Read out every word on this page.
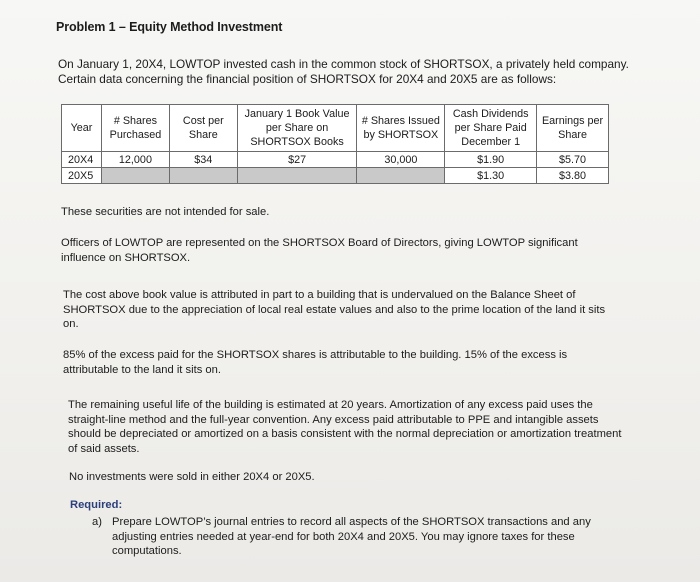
Problem 1 – Equity Method Investment
On January 1, 20X4, LOWTOP invested cash in the common stock of SHORTSOX, a privately held company. Certain data concerning the financial position of SHORTSOX for 20X4 and 20X5 are as follows:
Year	# Shares Purchased	Cost per Share	January 1 Book Value per Share on SHORTSOX Books	# Shares Issued by SHORTSOX	Cash Dividends per Share Paid December 1	Earnings per Share
20X4	12,000	$34	$27	30,000	$1.90	$5.70
20X5					$1.30	$3.80
These securities are not intended for sale.
Officers of LOWTOP are represented on the SHORTSOX Board of Directors, giving LOWTOP significant influence on SHORTSOX.
The cost above book value is attributed in part to a building that is undervalued on the Balance Sheet of SHORTSOX due to the appreciation of local real estate values and also to the prime location of the land it sits on.
85% of the excess paid for the SHORTSOX shares is attributable to the building. 15% of the excess is attributable to the land it sits on.
The remaining useful life of the building is estimated at 20 years. Amortization of any excess paid uses the straight-line method and the full-year convention. Any excess paid attributable to PPE and intangible assets should be depreciated or amortized on a basis consistent with the normal depreciation or amortization treatment of said assets.
No investments were sold in either 20X4 or 20X5.
Required:
a) Prepare LOWTOP’s journal entries to record all aspects of the SHORTSOX transactions and any adjusting entries needed at year-end for both 20X4 and 20X5. You may ignore taxes for these computations.
